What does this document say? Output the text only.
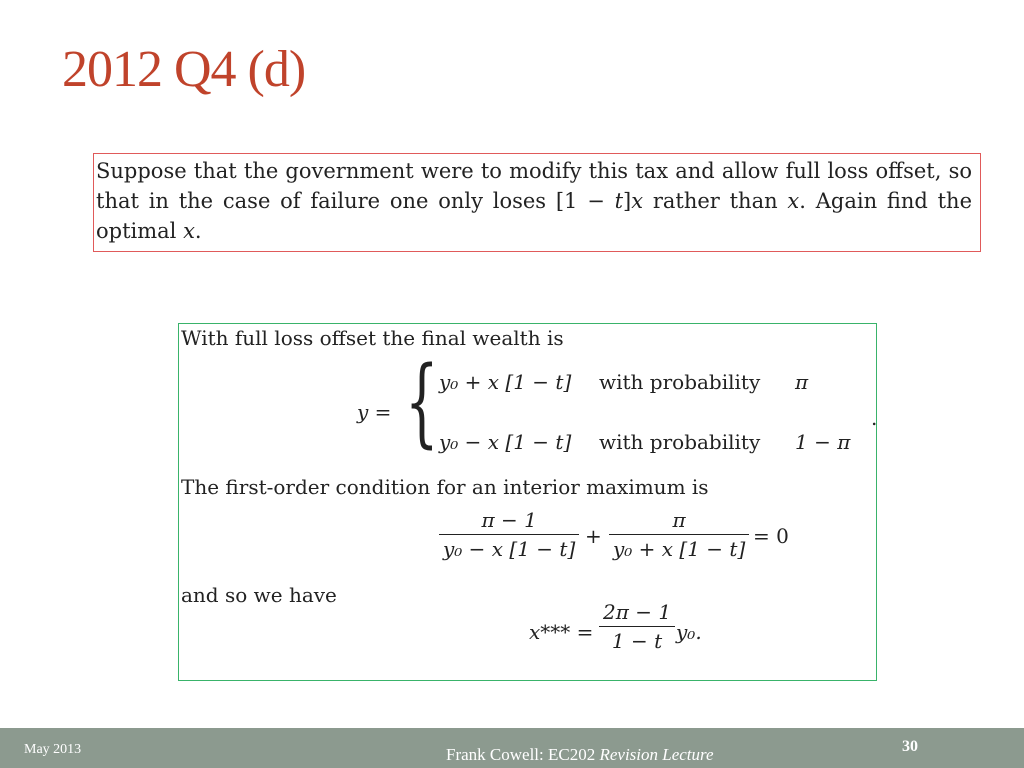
2012 Q4 (d)
Suppose that the government were to modify this tax and allow full loss offset, so that in the case of failure one only loses [1 − t]x rather than x. Again find the optimal x.
With full loss offset the final wealth is
y = { y₀ + x [1 − t] with probability π
y₀ − x [1 − t] with probability 1 − π
.
The first-order condition for an interior maximum is
π − 1
y₀ − x [1 − t]
+
π
y₀ + x [1 − t]
= 0
and so we have
x*** =
2π − 1
1 − t y₀.
May 2013	Frank Cowell: EC202 Revision Lecture	30
